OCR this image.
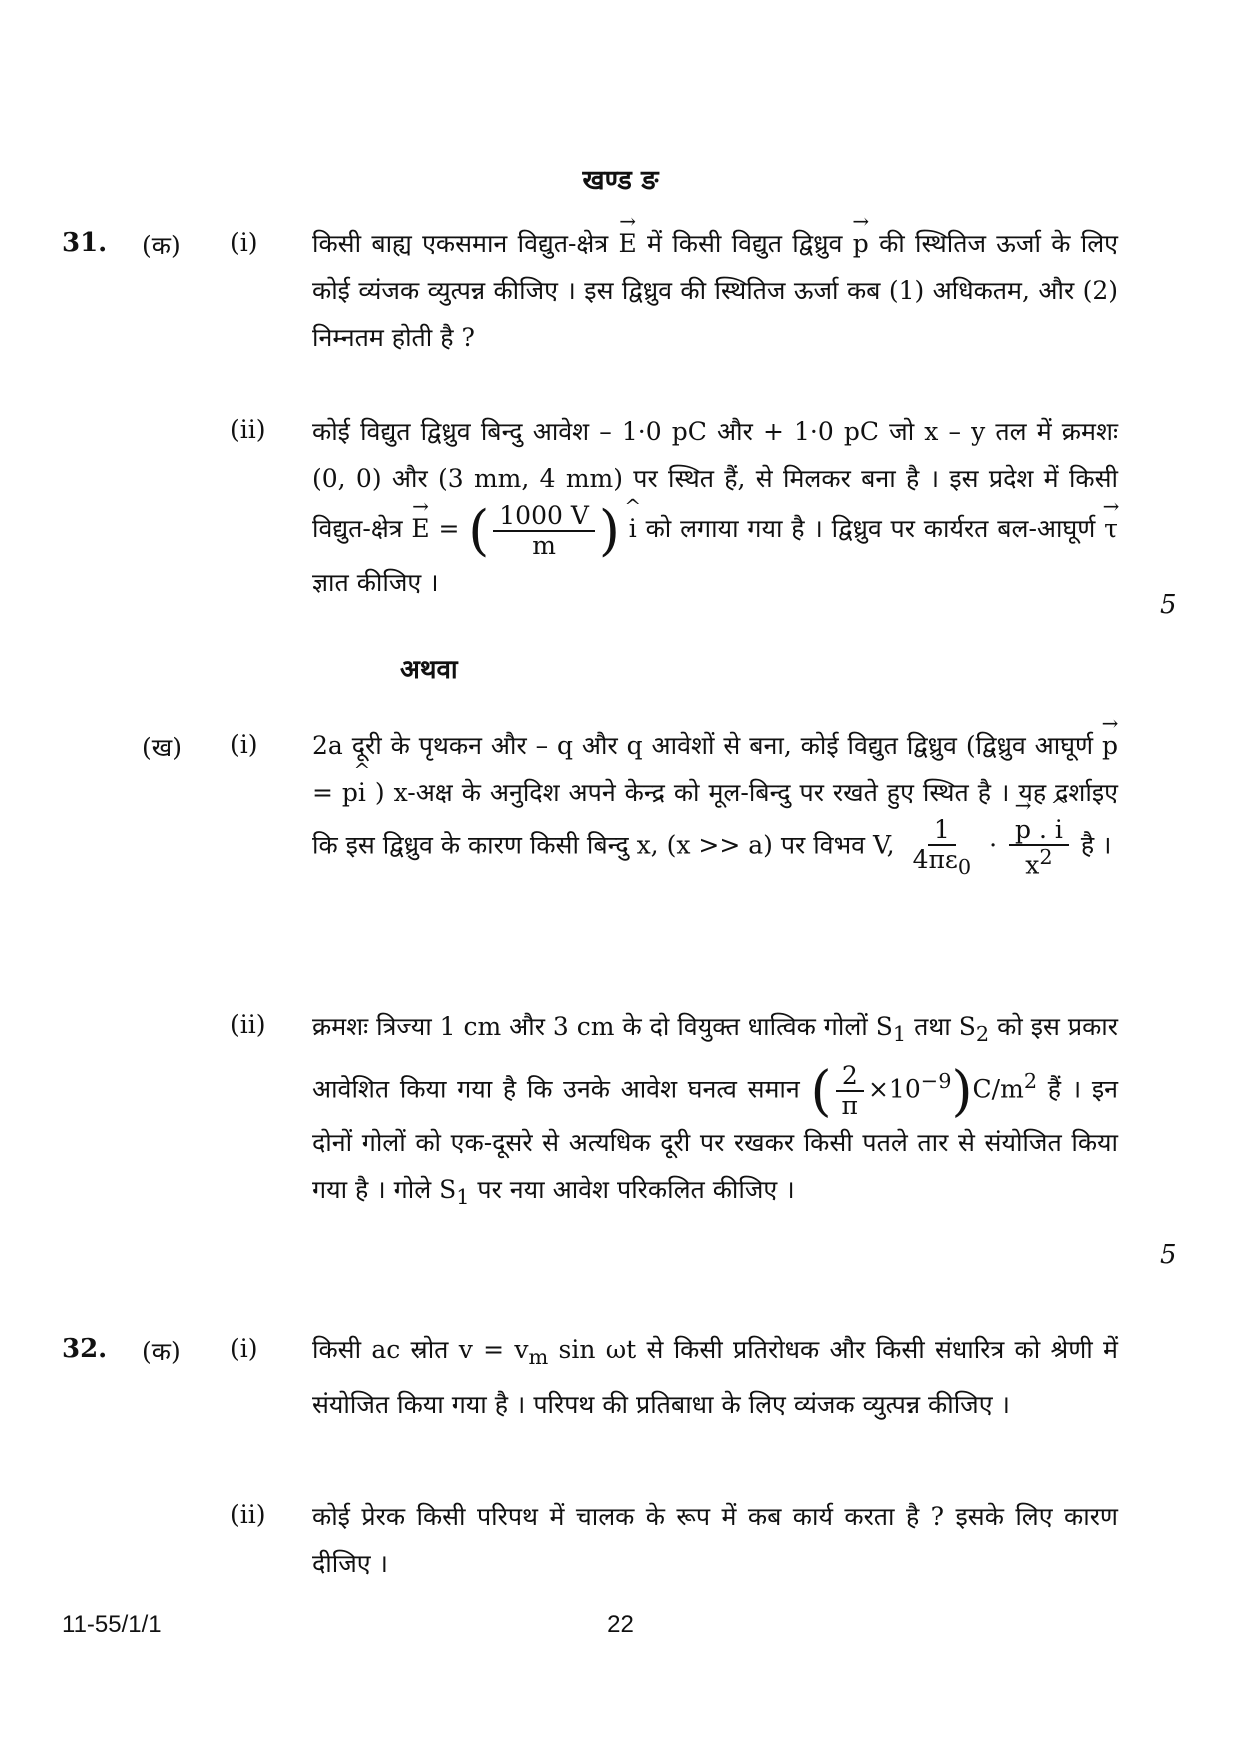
खण्ड ङ
31. (क) (i) किसी बाह्य एकसमान विद्युत-क्षेत्र → E में किसी विद्युत द्विध्रुव → p की स्थितिज ऊर्जा के लिए कोई व्यंजक व्युत्पन्न कीजिए । इस द्विध्रुव की स्थितिज ऊर्जा कब (1) अधिकतम, और (2) निम्नतम होती है ?
(ii) कोई विद्युत द्विध्रुव बिन्दु आवेश – 1·0 pC और + 1·0 pC जो x – y तल में क्रमशः (0, 0) और (3 mm, 4 mm) पर स्थित हैं, से मिलकर बना है । इस प्रदेश में किसी विद्युत-क्षेत्र → E = ( $\frac{1000 V}{m}$ ) ^ i को लगाया गया है । द्विध्रुव पर कार्यरत बल-आघूर्ण → τ ज्ञात कीजिए ।
5
अथवा
(ख) (i) 2a दूरी के पृथकन और – q और q आवेशों से बना, कोई विद्युत द्विध्रुव (द्विध्रुव आघूर्ण → p = p^ i ) x-अक्ष के अनुदिश अपने केन्द्र को मूल-बिन्दु पर रखते हुए स्थित है । यह दर्शाइए कि इस द्विध्रुव के कारण किसी बिन्दु x, (x >> a) पर विभव V, $\frac{1}{4\pi\varepsilon_0}$ · → $\frac{p . \^{} i}{x^2}$ है ।
(ii) क्रमशः त्रिज्या 1 cm और 3 cm के दो वियुक्त धात्विक गोलों $S_1$ तथा $S_2$ को इस प्रकार आवेशित किया गया है कि उनके आवेश घनत्व समान ( $\frac{2}{\pi} \times 10^{-9})C/m^2$ हैं । इन दोनों गोलों को एक-दूसरे से अत्यधिक दूरी पर रखकर किसी पतले तार से संयोजित किया गया है । गोले $S_1$ पर नया आवेश परिकलित कीजिए ।
5
32. (क) (i) किसी ac स्रोत $v = v_m$ sin ωt से किसी प्रतिरोधक और किसी संधारित्र को श्रेणी में संयोजित किया गया है । परिपथ की प्रतिबाधा के लिए व्यंजक व्युत्पन्न कीजिए ।
(ii) कोई प्रेरक किसी परिपथ में चालक के रूप में कब कार्य करता है ? इसके लिए कारण दीजिए ।
11-55/1/1	22
